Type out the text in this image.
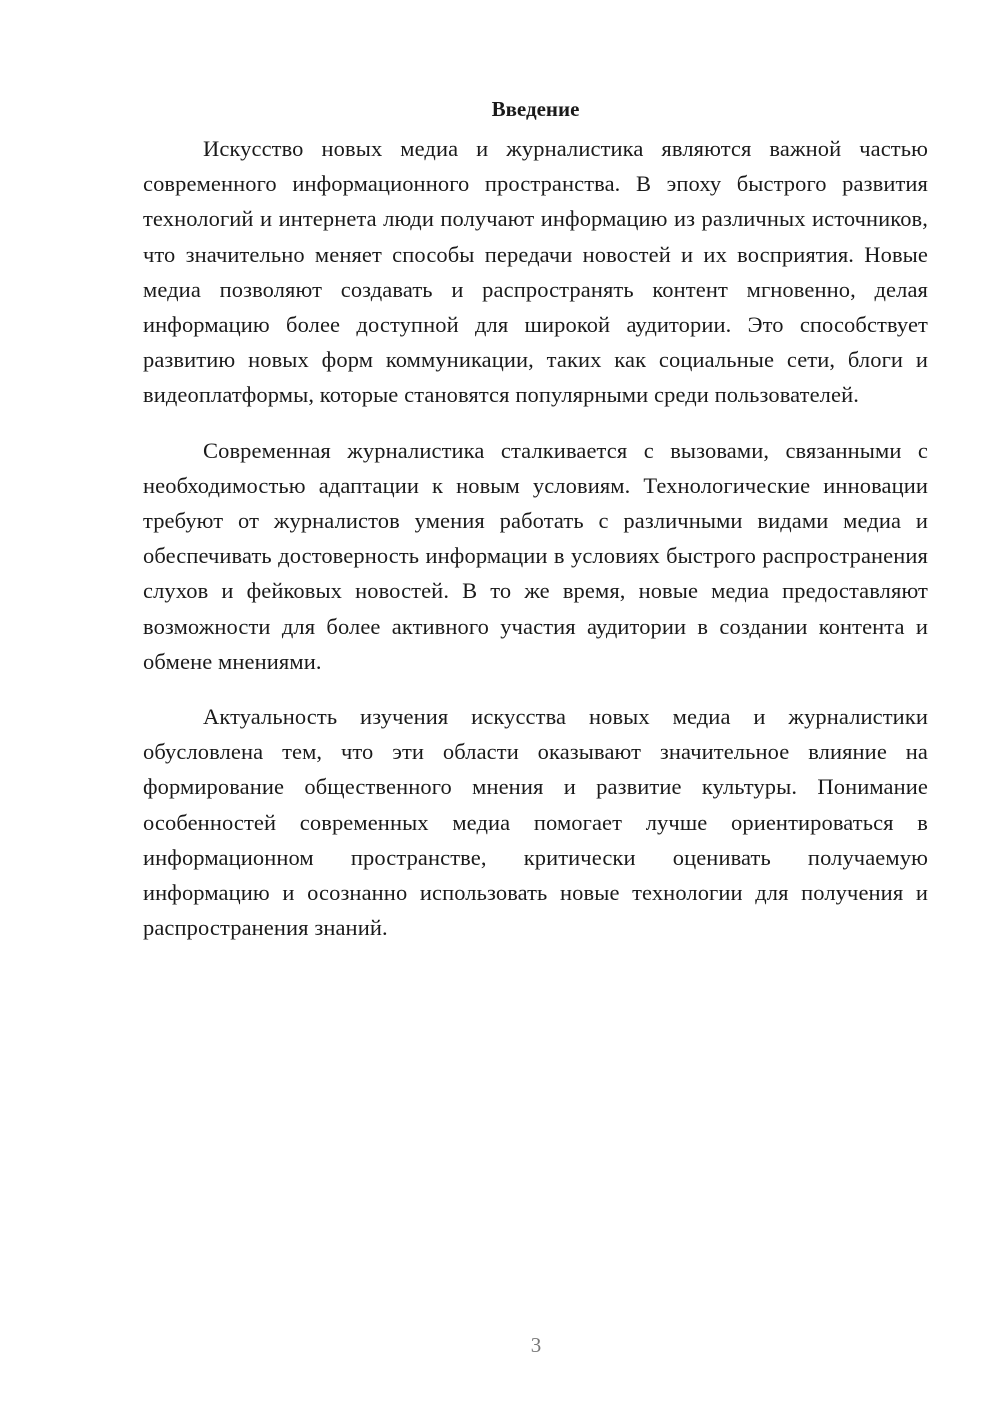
Введение

Искусство новых медиа и журналистика являются важной частью современного информационного пространства. В эпоху быстрого развития технологий и интернета люди получают информацию из различных источников, что значительно меняет способы передачи новостей и их восприятия. Новые медиа позволяют создавать и распространять контент мгновенно, делая информацию более доступной для широкой аудитории. Это способствует развитию новых форм коммуникации, таких как социальные сети, блоги и видеоплатформы, которые становятся популярными среди пользователей.

Современная журналистика сталкивается с вызовами, связанными с необходимостью адаптации к новым условиям. Технологические инновации требуют от журналистов умения работать с различными видами медиа и обеспечивать достоверность информации в условиях быстрого распространения слухов и фейковых новостей. В то же время, новые медиа предоставляют возможности для более активного участия аудитории в создании контента и обмене мнениями.

Актуальность изучения искусства новых медиа и журналистики обусловлена тем, что эти области оказывают значительное влияние на формирование общественного мнения и развитие культуры. Понимание особенностей современных медиа помогает лучше ориентироваться в информационном пространстве, критически оценивать получаемую информацию и осознанно использовать новые технологии для получения и распространения знаний.

3
